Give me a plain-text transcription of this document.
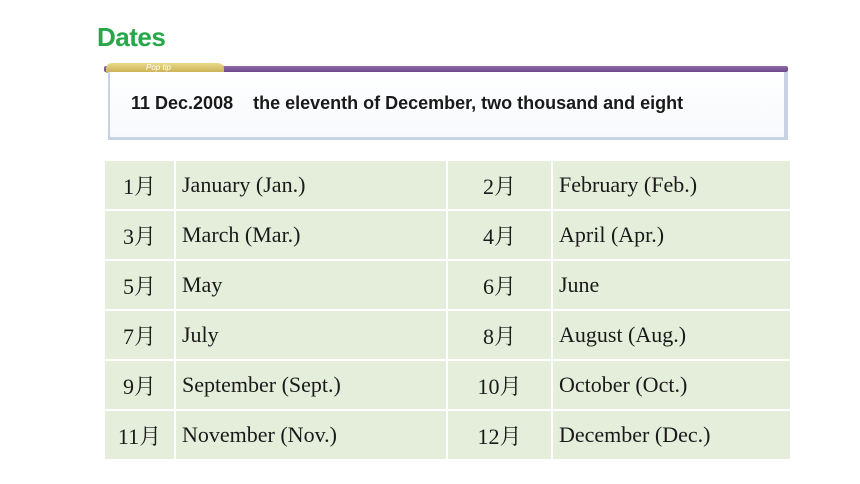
Dates
Pop tip
11 Dec.2008    the eleventh of December, two thousand and eight
1月	January (Jan.)	2月	February (Feb.)
3月	March (Mar.)	4月	April (Apr.)
5月	May	6月	June
7月	July	8月	August (Aug.)
9月	September (Sept.)	10月	October (Oct.)
11月	November (Nov.)	12月	December (Dec.)
